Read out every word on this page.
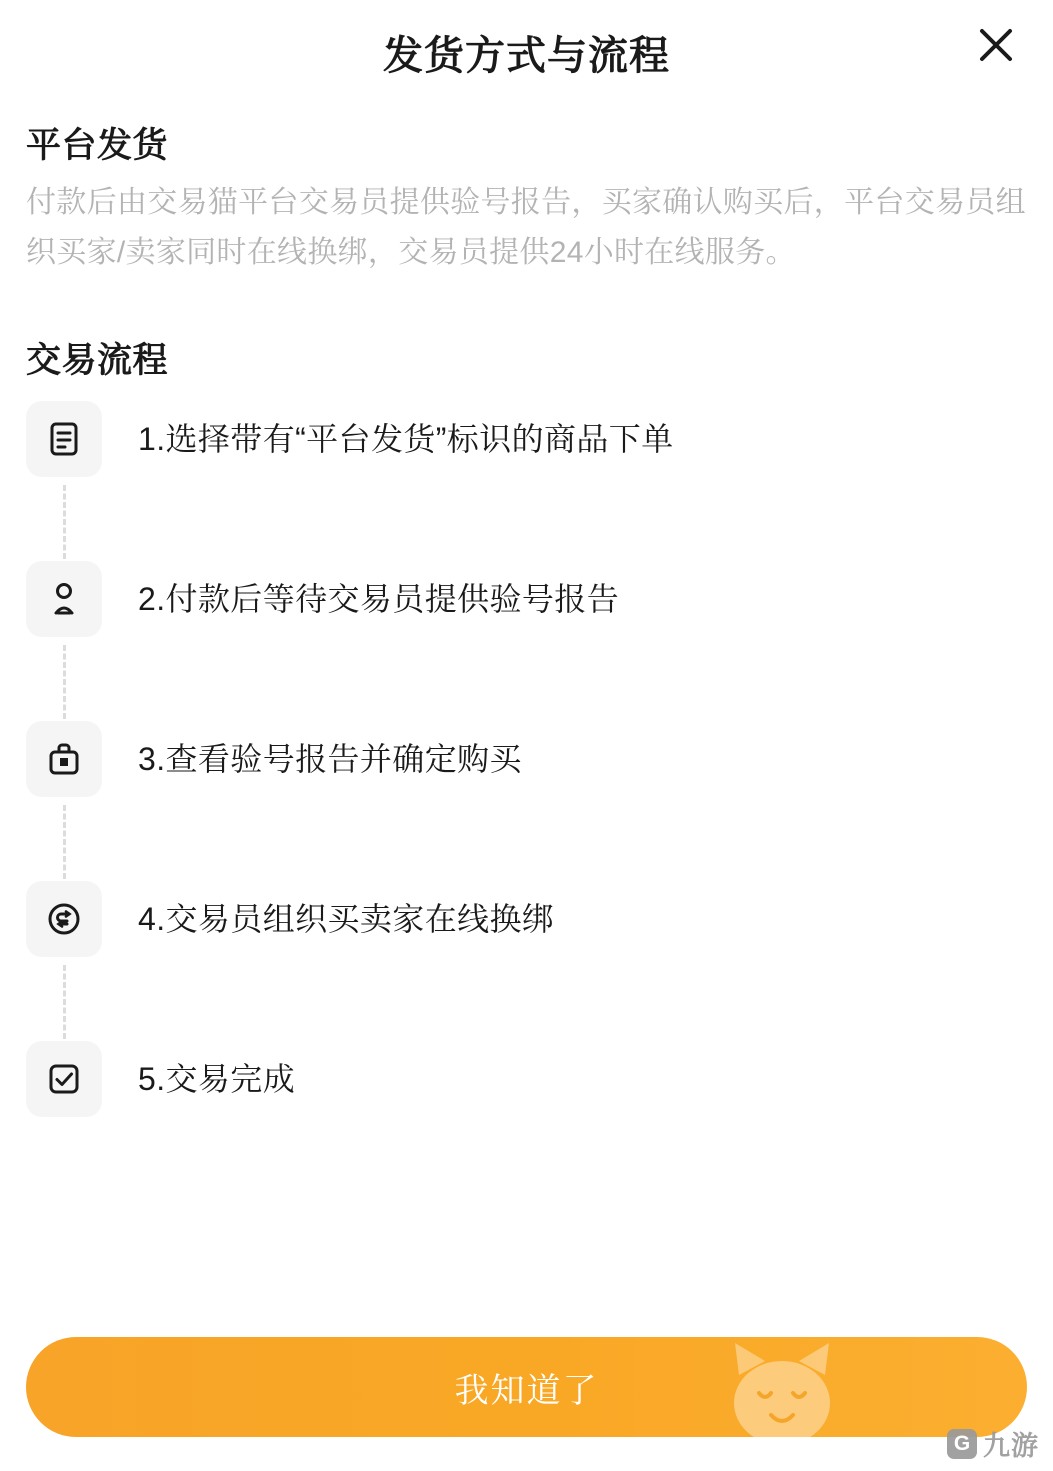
发货方式与流程
平台发货
付款后由交易猫平台交易员提供验号报告，买家确认购买后，平台交易员组织买家/卖家同时在线换绑，交易员提供24小时在线服务。
交易流程
1.选择带有“平台发货”标识的商品下单
2.付款后等待交易员提供验号报告
3.查看验号报告并确定购买
4.交易员组织买卖家在线换绑
5.交易完成
我知道了
G 九游
